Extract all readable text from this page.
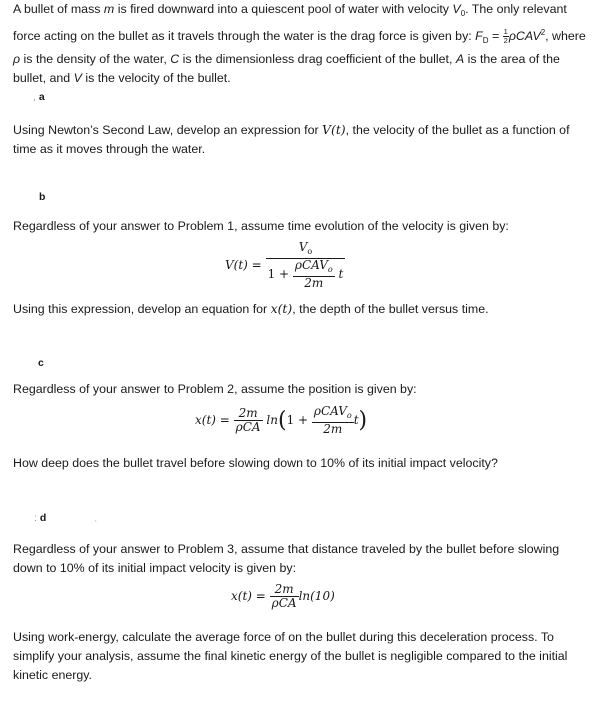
A bullet of mass m is fired downward into a quiescent pool of water with velocity $V_0$. The only relevant force acting on the bullet as it travels through the water is the drag force is given by: $F_D = \frac{1}{2} \rho CAV^2$, where ρ is the density of the water, C is the dimensionless drag coefficient of the bullet, A is the area of the bullet, and V is the velocity of the bullet.

, a

Using Newton’s Second Law, develop an expression for V(t), the velocity of the bullet as a function of time as it moves through the water.

b

Regardless of your answer to Problem 1, assume time evolution of the velocity is given by:

$V(t) = \frac{V_o}{1 + \frac{\rho CAV_o}{2m} t}$

Using this expression, develop an equation for x(t), the depth of the bullet versus time.

c

Regardless of your answer to Problem 2, assume the position is given by:

$x(t) = \frac{2m}{\text{ρCA}} \ln(1 + \frac{\rho CAV_o}{2m} t)$

How deep does the bullet travel before slowing down to 10% of its initial impact velocity?

: d	•

Regardless of your answer to Problem 3, assume that distance traveled by the bullet before slowing down to 10% of its initial impact velocity is given by:

$x(t) = \frac{2m}{\text{ρCA}} \ln(10)$

Using work-energy, calculate the average force of on the bullet during this deceleration process. To simplify your analysis, assume the final kinetic energy of the bullet is negligible compared to the initial kinetic energy.
